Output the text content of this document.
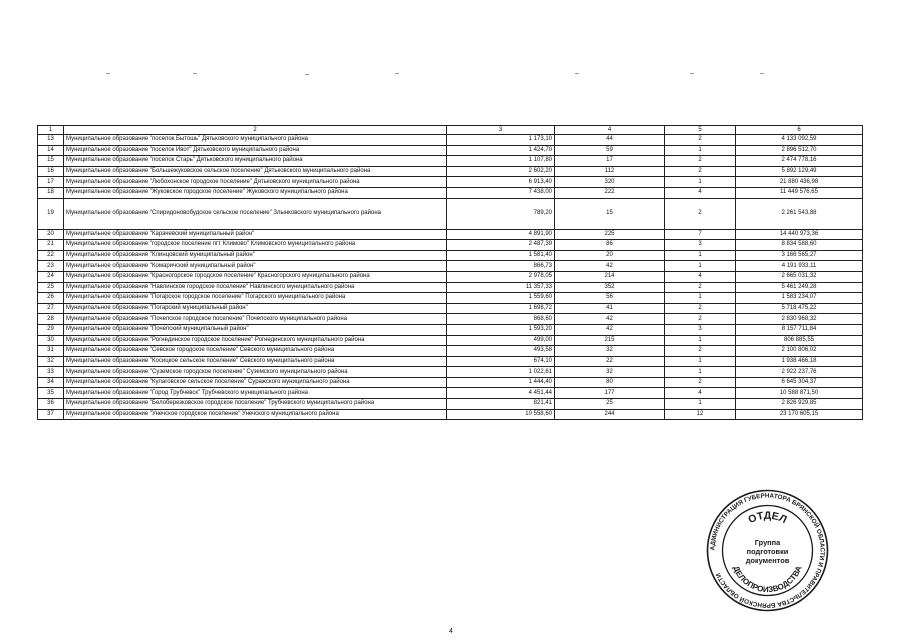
1	2	3	4	5	6
13	Муниципальное образование "поселок Бытошь" Дятьковского муниципального района	1 173,10	44	2	4 133 092,59
14	Муниципальное образование "поселок Ивот" Дятьковского муниципального района	1 424,70	59	1	2 896 512,70
15	Муниципальное образование "поселок Старь" Дятьковского муниципального района	1 107,80	17	2	2 474 778,16
16	Муниципальное образование "Большежуковское сельское поселение" Дятьковского муниципального района	2 602,20	112	2	5 892 129,49
17	Муниципальное образование "Любохонское городское поселение" Дятьковского муниципального района	6 913,40	320	1	21 880 436,98
18	Муниципальное образование "Жуковское городское поселение" Жуковского муниципального района	7 438,00	222	4	11 449 576,65
19	Муниципальное образование "Спиридоновобудское сельское поселение" Злынковского муниципального района	789,20	15	2	2 261 543,88
20	Муниципальное образование "Карачевский муниципальный район"	4 891,90	225	7	14 440 973,36
21	Муниципальное образование "городское поселение пгт Климово" Климовского муниципального района	2 487,39	86	3	8 834 588,60
22	Муниципальное образование "Клинцовский муниципальный район"	1 581,40	20	1	3 166 565,27
23	Муниципальное образование "Комаричский муниципальный район"	866,73	42	1	4 191 933,11
24	Муниципальное образование "Красногорское городское поселение" Красногорского муниципального района	2 978,05	214	4	2 665 031,32
25	Муниципальное образование "Навлинское городское поселение" Навлинского муниципального района	11 357,33	352	2	5 461 249,28
26	Муниципальное образование "Погарское городское поселение" Погарского муниципального района	1 559,60	56	1	1 583 234,07
27	Муниципальное образование "Погарский муниципальный район"	1 698,72	41	2	5 718 475,22
28	Муниципальное образование "Почепское городское поселение" Почепского муниципального района	868,60	42	2	2 830 968,32
29	Муниципальное образование "Почепский муниципальный район"	1 593,20	42	3	8 157 711,84
30	Муниципальное образование "Рогнединское городское поселение" Рогнединского муниципального района	499,00	215	1	806 885,55
31	Муниципальное образование "Севское городское поселение" Севского муниципального района	493,58	32	2	2 100 806,02
32	Муниципальное образование "Косицкое сельское поселение" Севского муниципального района	674,10	22	1	1 938 466,18
33	Муниципальное образование "Суземское городское поселение" Суземского муниципального района	1 022,61	32	1	2 922 237,76
34	Муниципальное образование "Кулаговское сельское поселение" Суражского муниципального района	1 444,40	80	2	6 645 304,37
35	Муниципальное образование "Город Трубчевск" Трубчевского муниципального района	4 451,44	177	4	10 588 871,50
36	Муниципальное образование "Белоберезковское городское поселение" Трубчевского муниципального района	821,41	25	1	2 826 929,85
37	Муниципальное образование "Унечское городское поселение" Унечского муниципального района	10 558,60	244	12	23 170 605,15
4
АДМИНИСТРАЦИЯ ГУБЕРНАТОРА БРЯНСКОЙ ОБЛАСТИ И ПРАВИТЕЛЬСТВА БРЯНСКОЙ ОБЛАСТИ
ОТДЕЛ
ДЕЛОПРОИЗВОДСТВА
Группа
подготовки
документов
